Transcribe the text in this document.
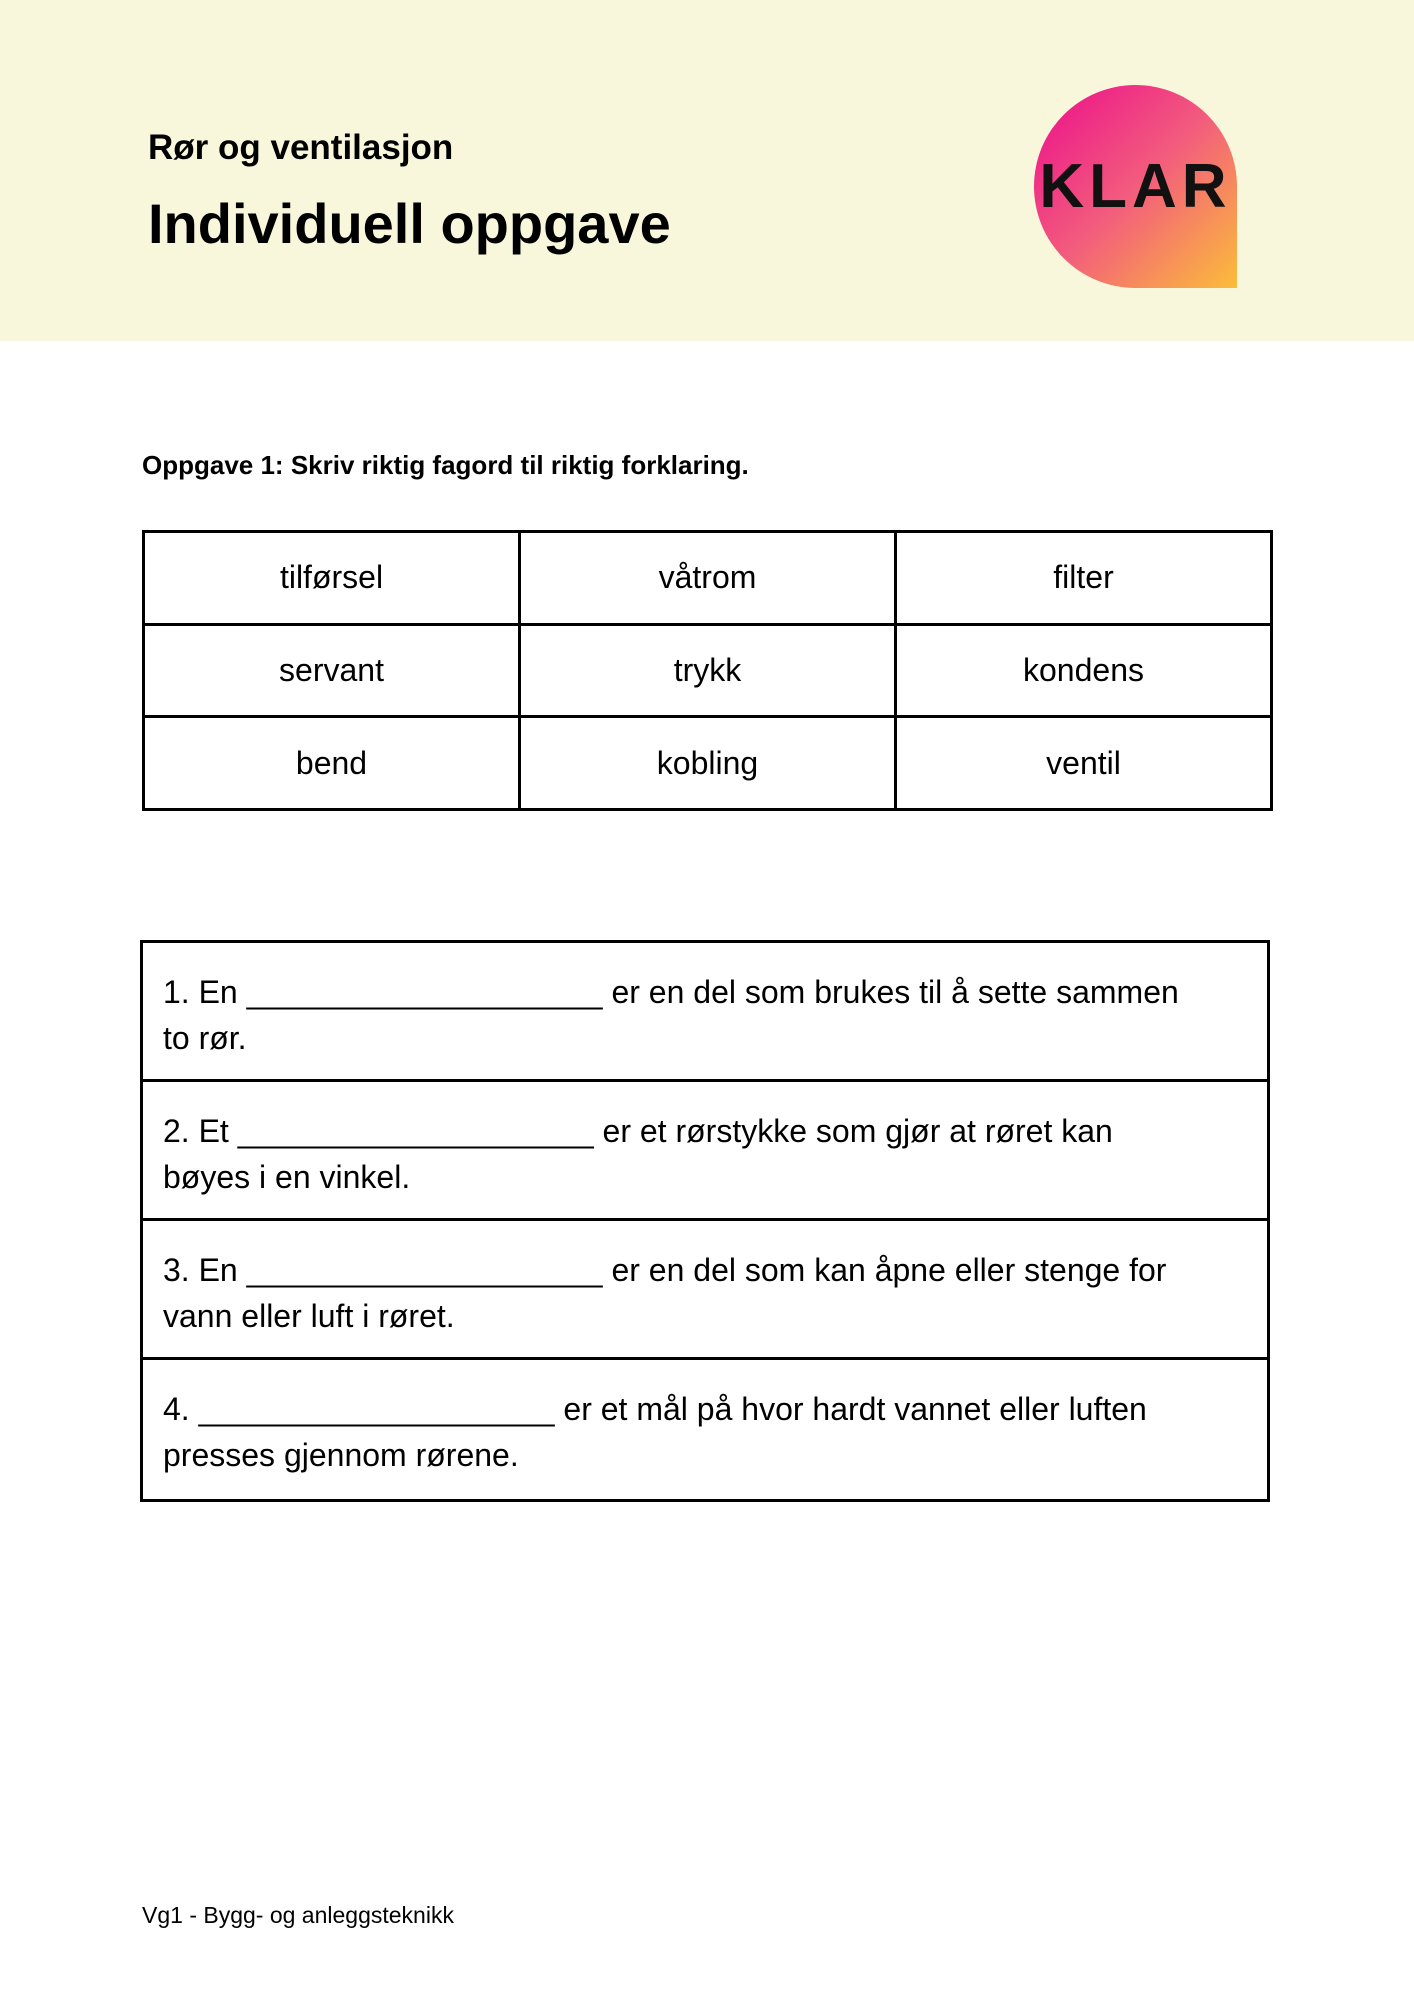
Rør og ventilasjon
Individuell oppgave
KLAR
Oppgave 1: Skriv riktig fagord til riktig forklaring.
tilførsel	våtrom	filter
servant	trykk	kondens
bend	kobling	ventil
1. En ____________________ er en del som brukes til å sette sammen to rør.
2. Et ____________________ er et rørstykke som gjør at røret kan bøyes i en vinkel.
3. En ____________________ er en del som kan åpne eller stenge for vann eller luft i røret.
4. ____________________ er et mål på hvor hardt vannet eller luften presses gjennom rørene.
Vg1 - Bygg- og anleggsteknikk
